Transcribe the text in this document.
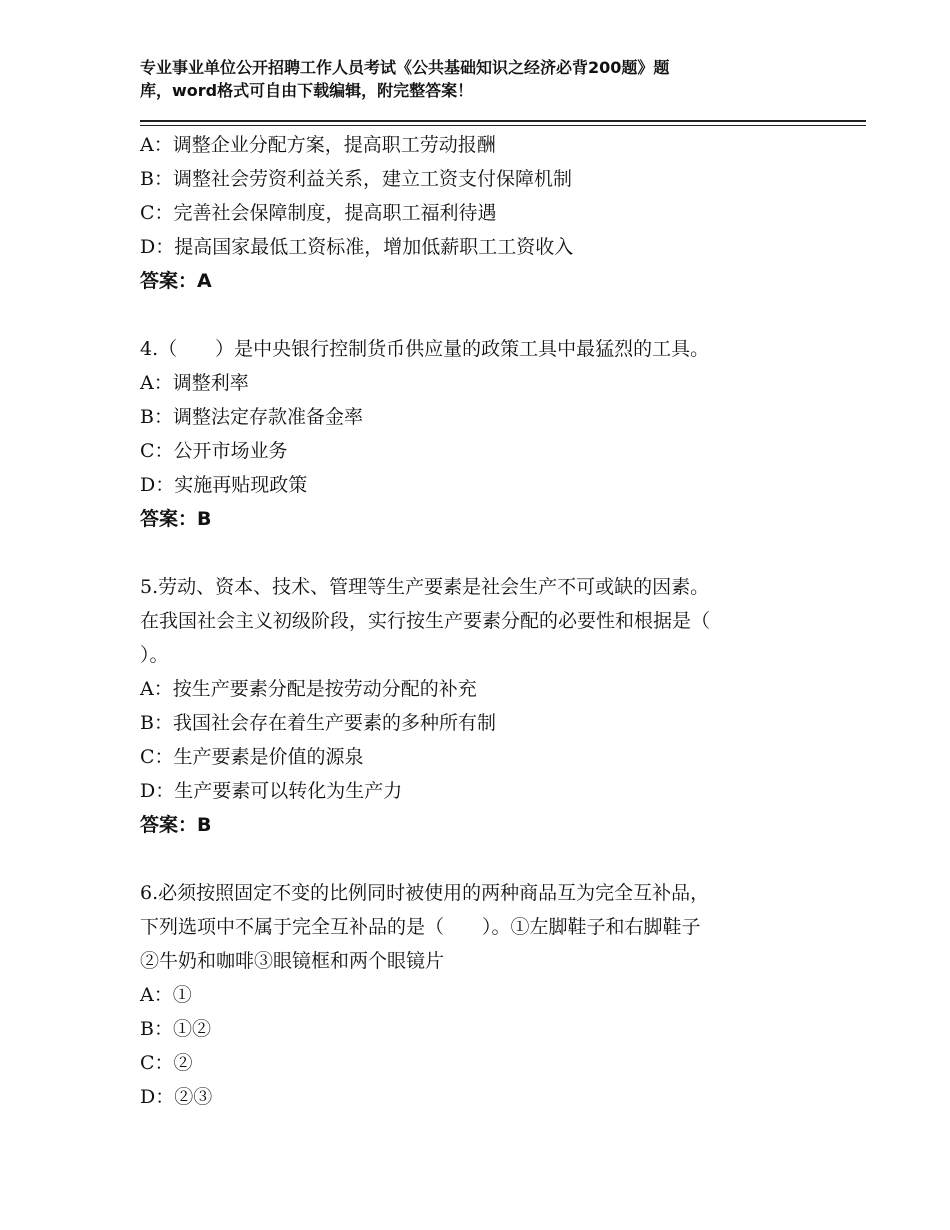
专业事业单位公开招聘工作人员考试《公共基础知识之经济必背200题》题
库，word格式可自由下载编辑，附完整答案！
A：调整企业分配方案，提高职工劳动报酬
B：调整社会劳资利益关系，建立工资支付保障机制
C：完善社会保障制度，提高职工福利待遇
D：提高国家最低工资标准，增加低薪职工工资收入
答案：A
4.（　　）是中央银行控制货币供应量的政策工具中最猛烈的工具。
A：调整利率
B：调整法定存款准备金率
C：公开市场业务
D：实施再贴现政策
答案：B
5.劳动、资本、技术、管理等生产要素是社会生产不可或缺的因素。
在我国社会主义初级阶段，实行按生产要素分配的必要性和根据是（
）。
A：按生产要素分配是按劳动分配的补充
B：我国社会存在着生产要素的多种所有制
C：生产要素是价值的源泉
D：生产要素可以转化为生产力
答案：B
6.必须按照固定不变的比例同时被使用的两种商品互为完全互补品，
下列选项中不属于完全互补品的是（　　）。①左脚鞋子和右脚鞋子
②牛奶和咖啡③眼镜框和两个眼镜片
A：①
B：①②
C：②
D：②③
